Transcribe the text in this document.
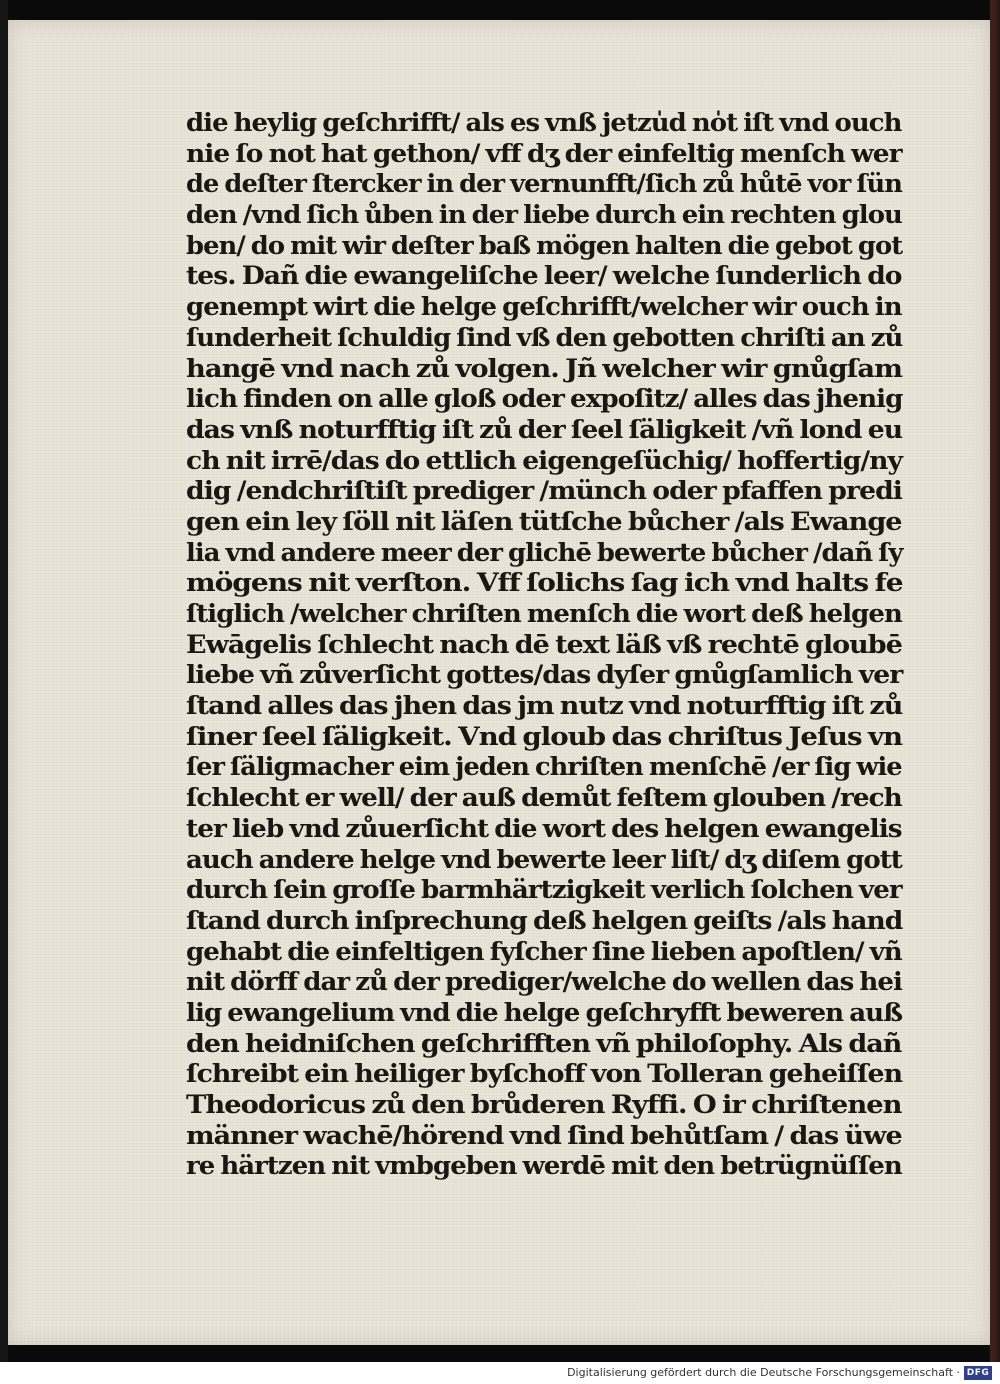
die heylig geſchrifft/ als es vnß jetzu̍d no̍t iſt vnd ouch
nie ſo not hat gethon/ vff dʒ der einfeltig menſch wer
de deſter ſtercker in der vernunfft/ſich zů hůtē vor ſün
den /vnd ſich ůben in der liebe durch ein rechten glou
ben/ do mit wir deſter baß mögen halten die gebot got
tes. Dañ die ewangeliſche leer/ welche ſunderlich do
genempt wirt die helge geſchrifft/welcher wir ouch in
ſunderheit ſchuldig ſind vß den gebotten chriſti an zů
hangē vnd nach zů volgen. Jñ welcher wir gnůgſam
lich finden on alle gloß oder expoſitz/ alles das jhenig
das vnß noturfftig iſt zů der ſeel ſäligkeit /vñ lond eu
ch nit irrē/das do ettlich eigengeſüchig/ hoffertig/ny
dig /endchriſtiſt prediger /münch oder pfaffen predi
gen ein ley ſöll nit läſen tütſche bůcher /als Ewange
lia vnd andere meer der glichē bewerte bůcher /dañ ſy
mögens nit verſton. Vff ſolichs ſag ich vnd halts fe
ſtiglich /welcher chriſten menſch die wort deß helgen
Ewāgelis ſchlecht nach dē text läß vß rechtē gloubē
liebe vñ zůverſicht gottes/das dyſer gnůgſamlich ver
ſtand alles das jhen das jm nutz vnd noturfftig iſt zů
ſiner ſeel ſäligkeit. Vnd gloub das chriſtus Jeſus vn
ſer ſäligmacher eim jeden chriſten menſchē /er ſig wie
ſchlecht er well/ der auß demůt feſtem glouben /rech
ter lieb vnd zůuerſicht die wort des helgen ewangelis
auch andere helge vnd bewerte leer liſt/ dʒ diſem gott
durch ſein groſſe barmhärtzigkeit verlich ſolchen ver
ſtand durch inſprechung deß helgen geiſts /als hand
gehabt die einfeltigen fyſcher ſine lieben apoſtlen/ vñ
nit dörff dar zů der prediger/welche do wellen das hei
lig ewangelium vnd die helge geſchryfft beweren auß
den heidniſchen geſchrifften vñ philoſophy. Als dañ
ſchreibt ein heiliger byſchoff von Tolleran geheiſſen
Theodoricus zů den brůderen Ryffi. O ir chriſtenen
männer wachē/hörend vnd ſind behůtſam / das üwe
re härtzen nit vmbgeben werdē mit den betrügnüſſen
Digitalisierung gefördert durch die Deutsche Forschungsgemeinschaft · DFG
